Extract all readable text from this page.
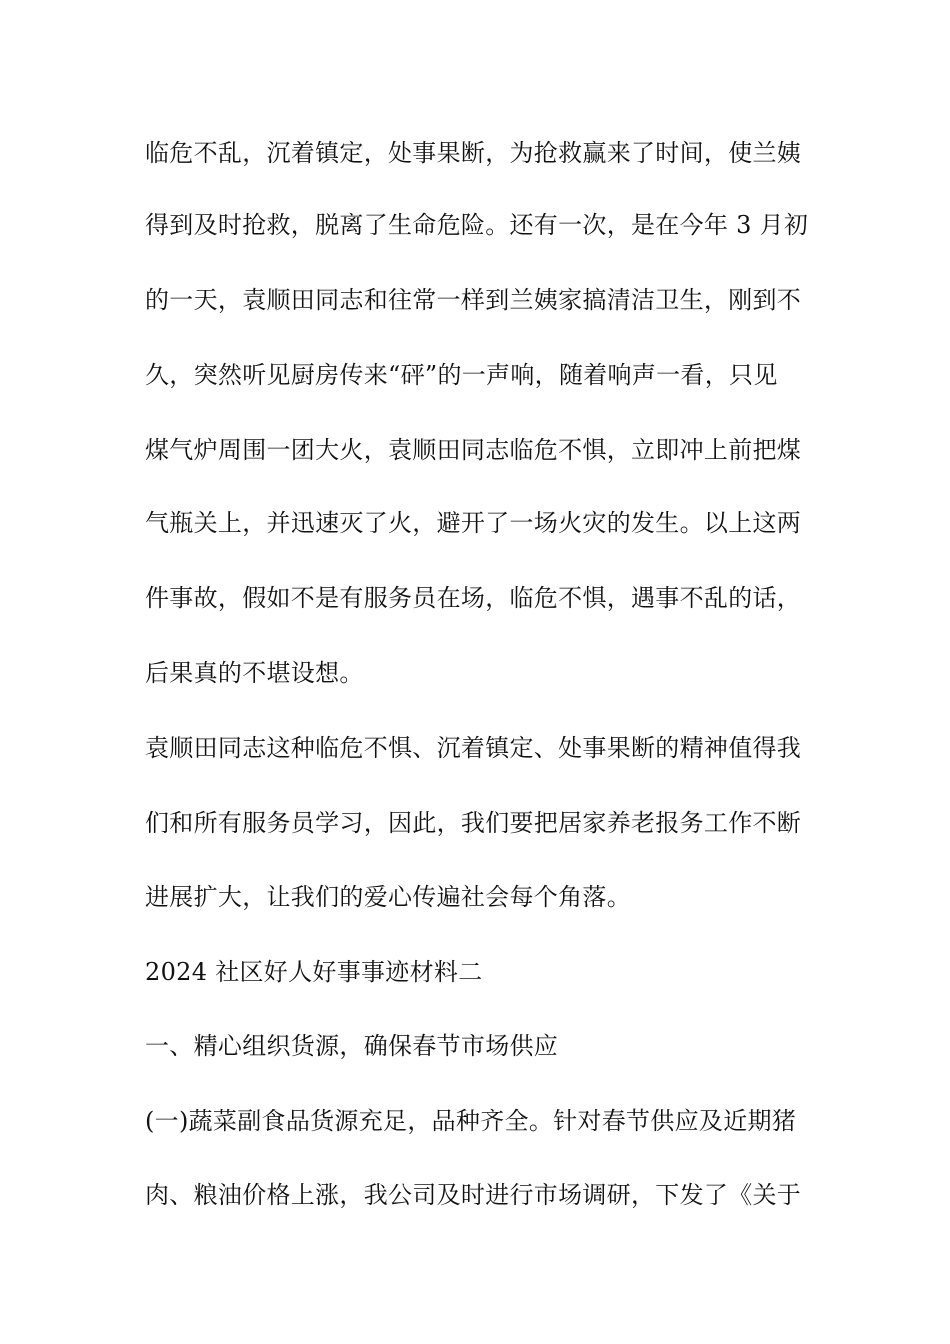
临危不乱，沉着镇定，处事果断，为抢救赢来了时间，使兰姨
得到及时抢救，脱离了生命危险。还有一次，是在今年 3 月初
的一天，袁顺田同志和往常一样到兰姨家搞清洁卫生，刚到不
久，突然听见厨房传来“砰”的一声响，随着响声一看，只见
煤气炉周围一团大火，袁顺田同志临危不惧，立即冲上前把煤
气瓶关上，并迅速灭了火，避开了一场火灾的发生。以上这两
件事故，假如不是有服务员在场，临危不惧，遇事不乱的话，
后果真的不堪设想。
袁顺田同志这种临危不惧、沉着镇定、处事果断的精神值得我
们和所有服务员学习，因此，我们要把居家养老报务工作不断
进展扩大，让我们的爱心传遍社会每个角落。
2024 社区好人好事事迹材料二
一、精心组织货源，确保春节市场供应
(一)蔬菜副食品货源充足，品种齐全。针对春节供应及近期猪
肉、粮油价格上涨，我公司及时进行市场调研，下发了《关于
